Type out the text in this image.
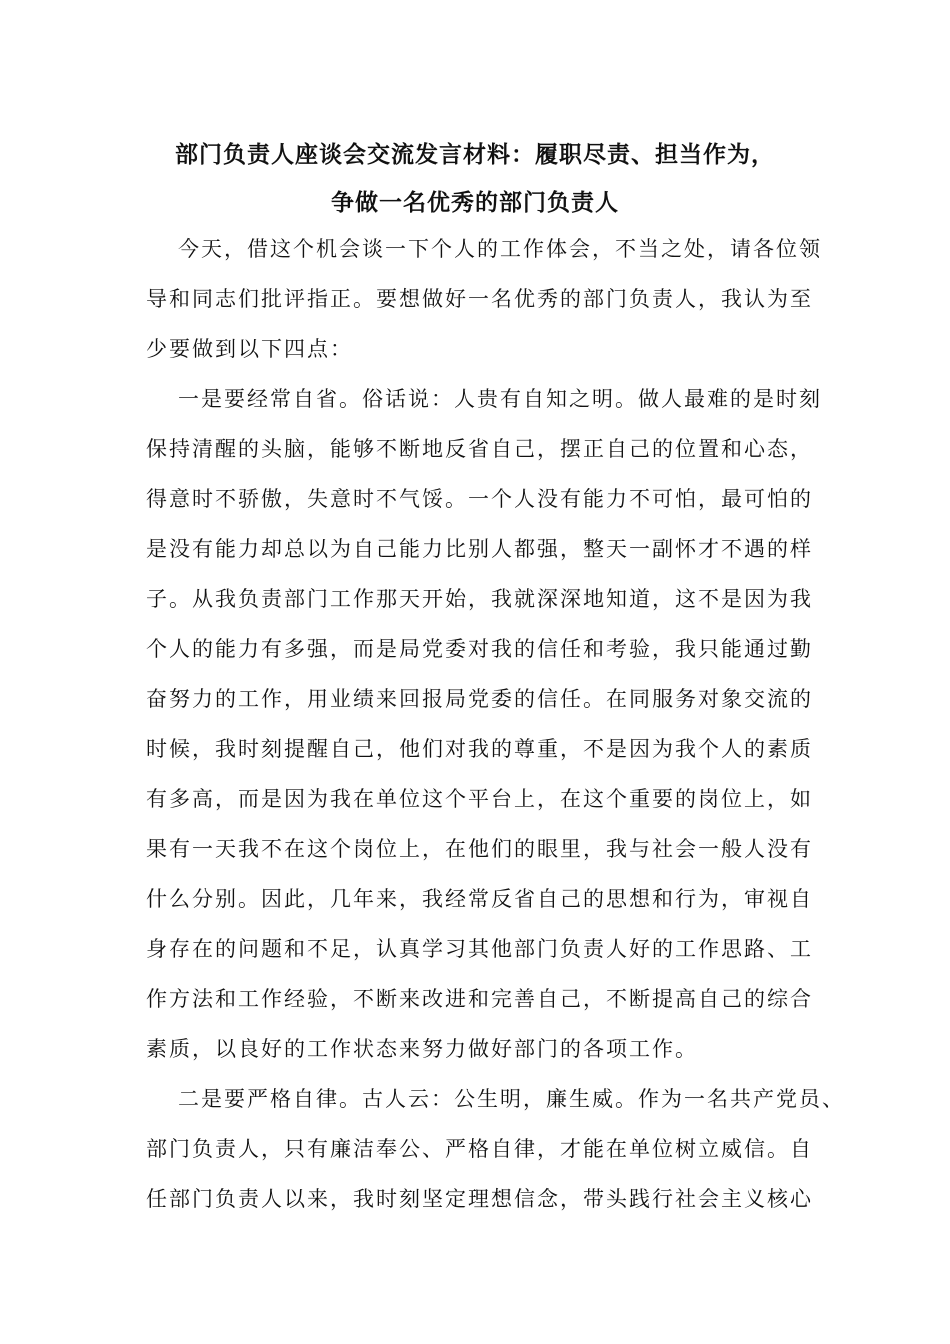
部门负责人座谈会交流发言材料：履职尽责、担当作为，
争做一名优秀的部门负责人
今天，借这个机会谈一下个人的工作体会，不当之处，请各位领
导和同志们批评指正。要想做好一名优秀的部门负责人，我认为至
少要做到以下四点：
一是要经常自省。俗话说：人贵有自知之明。做人最难的是时刻
保持清醒的头脑，能够不断地反省自己，摆正自己的位置和心态，
得意时不骄傲，失意时不气馁。一个人没有能力不可怕，最可怕的
是没有能力却总以为自己能力比别人都强，整天一副怀才不遇的样
子。从我负责部门工作那天开始，我就深深地知道，这不是因为我
个人的能力有多强，而是局党委对我的信任和考验，我只能通过勤
奋努力的工作，用业绩来回报局党委的信任。在同服务对象交流的
时候，我时刻提醒自己，他们对我的尊重，不是因为我个人的素质
有多高，而是因为我在单位这个平台上，在这个重要的岗位上，如
果有一天我不在这个岗位上，在他们的眼里，我与社会一般人没有
什么分别。因此，几年来，我经常反省自己的思想和行为，审视自
身存在的问题和不足，认真学习其他部门负责人好的工作思路、工
作方法和工作经验，不断来改进和完善自己，不断提高自己的综合
素质，以良好的工作状态来努力做好部门的各项工作。
二是要严格自律。古人云：公生明，廉生威。作为一名共产党员、
部门负责人，只有廉洁奉公、严格自律，才能在单位树立威信。自
任部门负责人以来，我时刻坚定理想信念，带头践行社会主义核心
